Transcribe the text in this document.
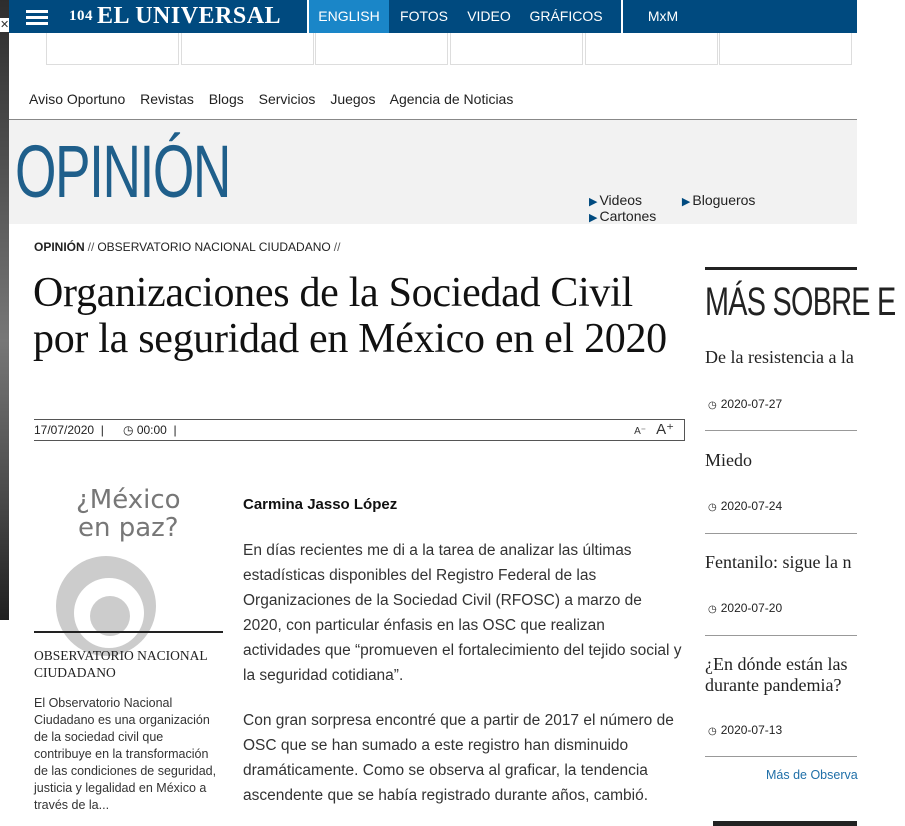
✕
$^{104}$ EL UNIVERSAL	ENGLISH	FOTOS	VIDEO	GRÁFICOS	MxM
Aviso Oportuno Revistas Blogs Servicios Juegos Agencia de Noticias
OPINIÓN	▶ Videos	▶ Blogueros ▶ Cartones
OPINIÓN // OBSERVATORIO NACIONAL CIUDADANO //
Organizaciones de la Sociedad Civil por la seguridad en México en el 2020
17/07/2020  | ◷ 00:00  |	A⁻ A⁺
¿México
en paz?
OBSERVATORIO NACIONAL CIUDADANO
El Observatorio Nacional Ciudadano es una organización de la sociedad civil que contribuye en la transformación de las condiciones de seguridad, justicia y legalidad en México a través de la...
Carmina Jasso López

En días recientes me di a la tarea de analizar las últimas estadísticas disponibles del Registro Federal de las Organizaciones de la Sociedad Civil (RFOSC) a marzo de 2020, con particular énfasis en las OSC que realizan actividades que “promueven el fortalecimiento del tejido social y la seguridad cotidiana”.

Con gran sorpresa encontré que a partir de 2017 el número de OSC que se han sumado a este registro han disminuido dramáticamente. Como se observa al graficar, la tendencia ascendente que se había registrado durante años, cambió.

MÁS SOBRE E
De la resistencia a la
◷ 2020-07-27
Miedo
◷ 2020-07-24
Fentanilo: sigue la n
◷ 2020-07-20
¿En dónde están las
durante pandemia?
◷ 2020-07-13
Más de Observa
